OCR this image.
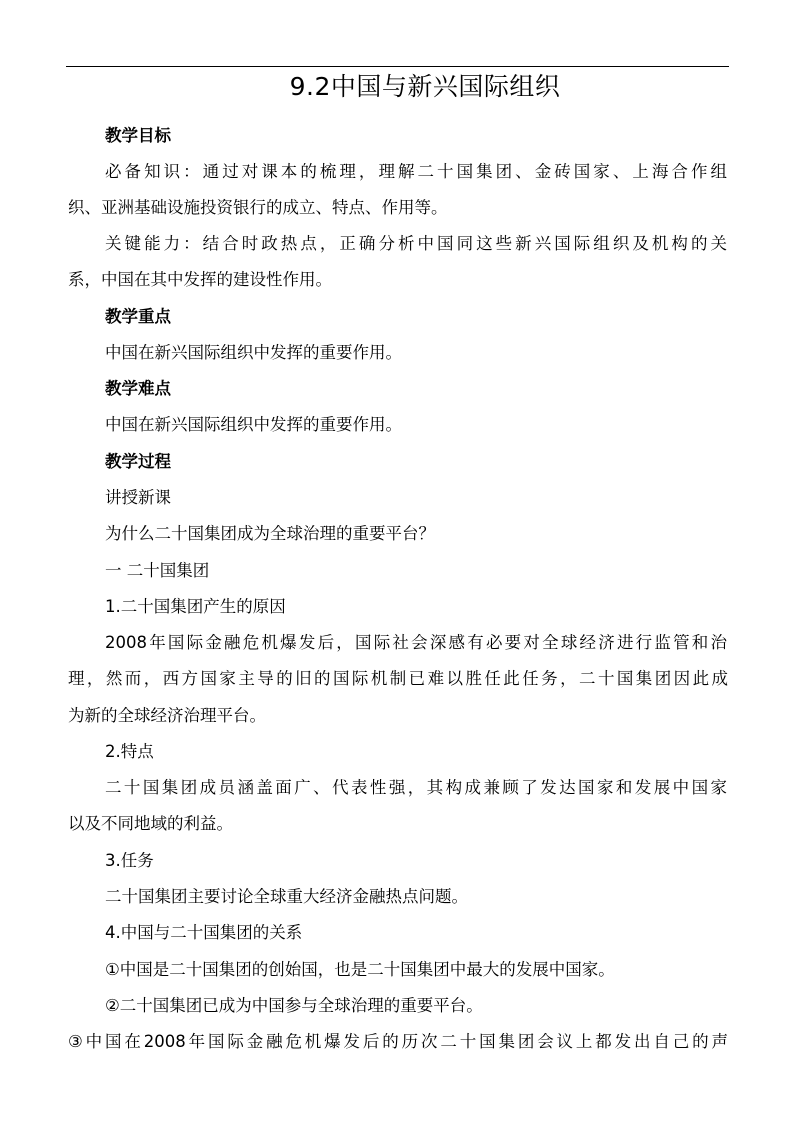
9.2中国与新兴国际组织
教学目标
必备知识：通过对课本的梳理，理解二十国集团、金砖国家、上海合作组
织、亚洲基础设施投资银行的成立、特点、作用等。
关键能力：结合时政热点，正确分析中国同这些新兴国际组织及机构的关
系，中国在其中发挥的建设性作用。
教学重点
中国在新兴国际组织中发挥的重要作用。
教学难点
中国在新兴国际组织中发挥的重要作用。
教学过程
讲授新课
为什么二十国集团成为全球治理的重要平台？
一 二十国集团
1.二十国集团产生的原因
2008年国际金融危机爆发后，国际社会深感有必要对全球经济进行监管和治
理，然而，西方国家主导的旧的国际机制已难以胜任此任务，二十国集团因此成
为新的全球经济治理平台。
2.特点
二十国集团成员涵盖面广、代表性强，其构成兼顾了发达国家和发展中国家
以及不同地域的利益。
3.任务
二十国集团主要讨论全球重大经济金融热点问题。
4.中国与二十国集团的关系
①中国是二十国集团的创始国，也是二十国集团中最大的发展中国家。
②二十国集团已成为中国参与全球治理的重要平台。
③中国在2008年国际金融危机爆发后的历次二十国集团会议上都发出自己的声
